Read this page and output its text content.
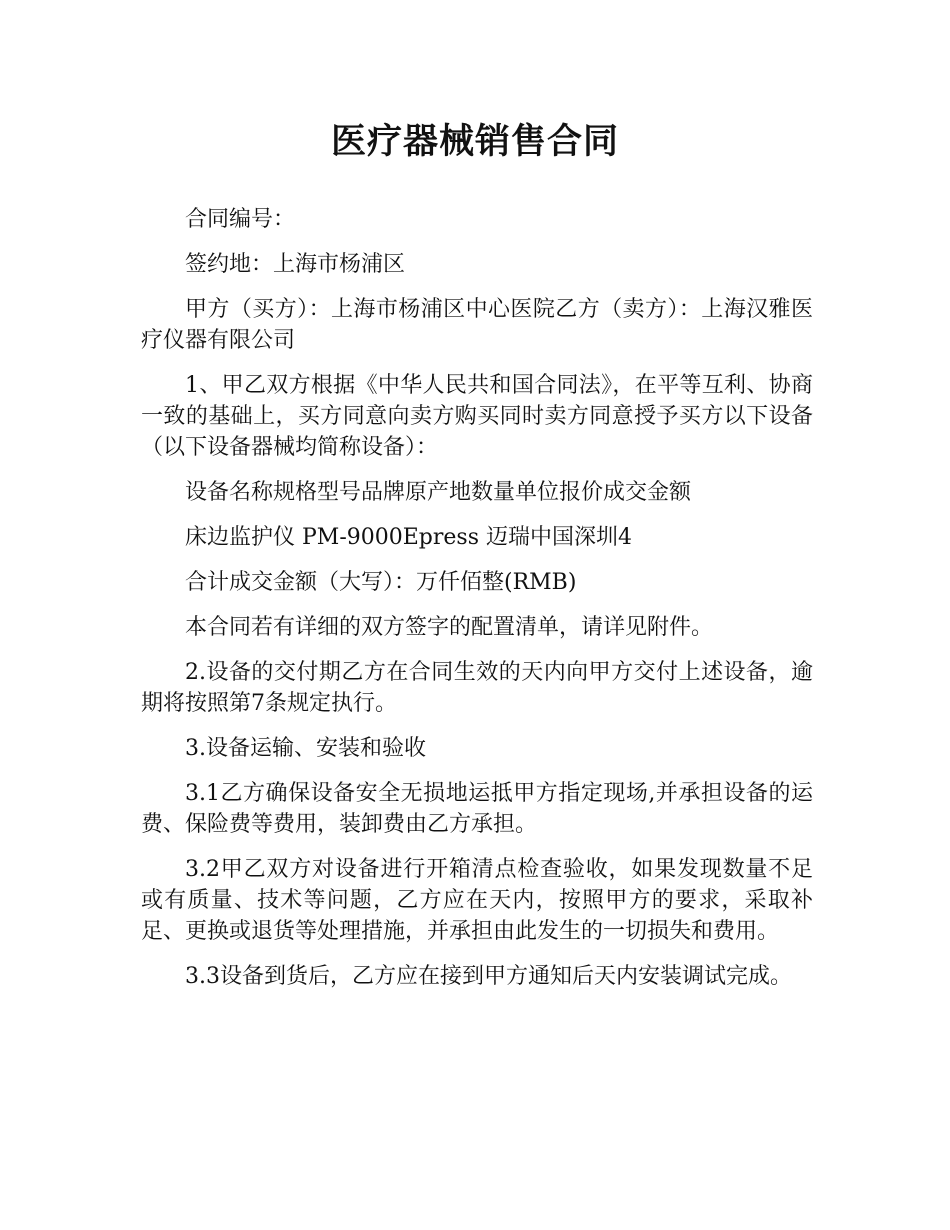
医疗器械销售合同

合同编号：

签约地：上海市杨浦区

甲方（买方）：上海市杨浦区中心医院乙方（卖方）：上海汉雅医疗仪器有限公司

1、甲乙双方根据《中华人民共和国合同法》，在平等互利、协商一致的基础上，买方同意向卖方购买同时卖方同意授予买方以下设备（以下设备器械均简称设备）：

设备名称规格型号品牌原产地数量单位报价成交金额

床边监护仪 PM-9000Epress 迈瑞中国深圳4

合计成交金额（大写）：万仟佰整(RMB)

本合同若有详细的双方签字的配置清单，请详见附件。

2.设备的交付期乙方在合同生效的天内向甲方交付上述设备，逾期将按照第7条规定执行。

3.设备运输、安装和验收

3.1乙方确保设备安全无损地运抵甲方指定现场,并承担设备的运费、保险费等费用，装卸费由乙方承担。

3.2甲乙双方对设备进行开箱清点检查验收，如果发现数量不足或有质量、技术等问题，乙方应在天内，按照甲方的要求，采取补足、更换或退货等处理措施，并承担由此发生的一切损失和费用。

3.3设备到货后，乙方应在接到甲方通知后天内安装调试完成。
